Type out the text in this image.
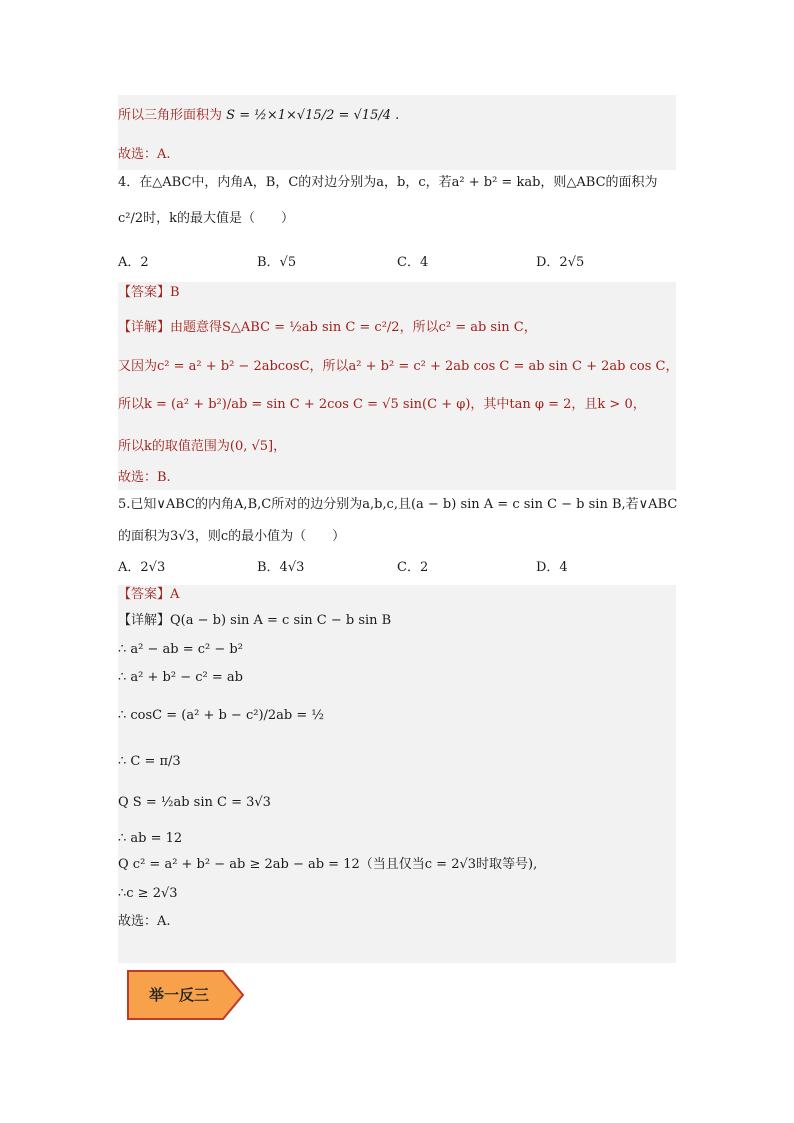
所以三角形面积为 S = ½×1×√15/2 = √15/4 .
故选：A.
4．在△ABC中，内角A，B，C的对边分别为a，b，c，若a² + b² = kab，则△ABC的面积为
c²/2时，k的最大值是（　　）
A．2	B．√5	C．4	D．2√5
【答案】B
【详解】由题意得S△ABC = ½ab sin C = c²/2，所以c² = ab sin C，
又因为c² = a² + b² − 2abcosC，所以a² + b² = c² + 2ab cos C = ab sin C + 2ab cos C，
所以k = (a² + b²)/ab = sin C + 2cos C = √5 sin(C + φ)，其中tan φ = 2，且k > 0，
所以k的取值范围为(0, √5]，
故选：B.
5.已知∨ABC的内角A,B,C所对的边分别为a,b,c,且(a − b) sin A = c sin C − b sin B,若∨ABC
的面积为3√3，则c的最小值为（　　）
A．2√3	B．4√3	C．2	D．4
【答案】A
【详解】Q(a − b) sin A = c sin C − b sin B
∴ a² − ab = c² − b²
∴ a² + b² − c² = ab
∴ cosC = (a² + b − c²)/2ab = ½
∴ C = π/3
Q S = ½ab sin C = 3√3
∴ ab = 12
Q c² = a² + b² − ab ≥ 2ab − ab = 12（当且仅当c = 2√3时取等号),
∴c ≥ 2√3
故选：A.
举一反三
